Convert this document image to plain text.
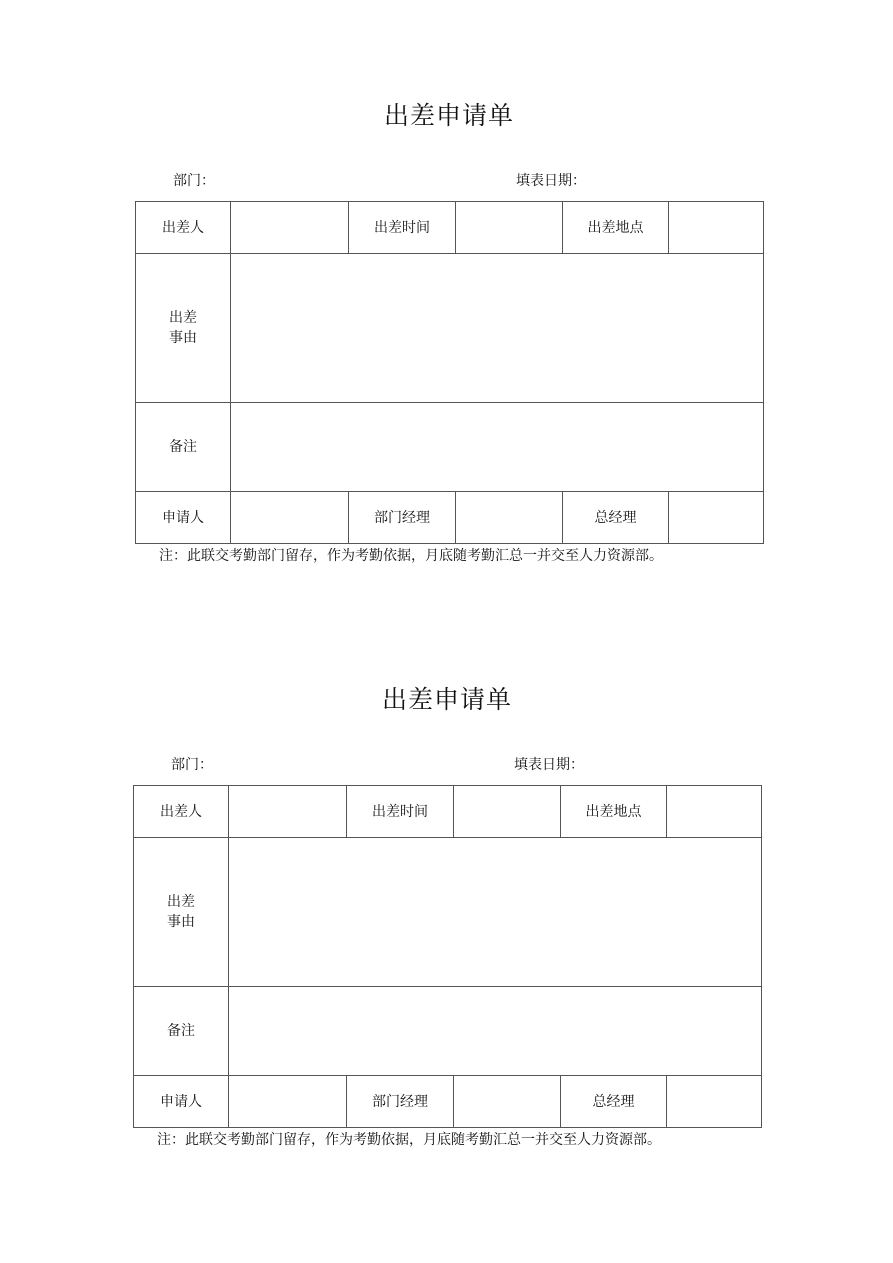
出差申请单
部门：	填表日期：
出差人		出差时间		出差地点	
出差
事由					
备注					
申请人		部门经理		总经理	
注：此联交考勤部门留存，作为考勤依据，月底随考勤汇总一并交至人力资源部。
出差申请单
部门：	填表日期：
出差人		出差时间		出差地点	
出差
事由					
备注					
申请人		部门经理		总经理	
注：此联交考勤部门留存，作为考勤依据，月底随考勤汇总一并交至人力资源部。
